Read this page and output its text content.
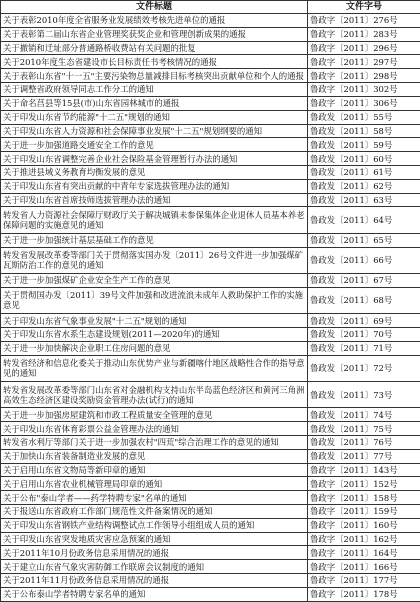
文件标题	文件字号
关于表彰2010年度全省服务业发展绩效考核先进单位的通报	鲁政字〔2011〕276号
关于表彰第二届山东省企业管理奖获奖企业和管理创新成果的通报	鲁政字〔2011〕283号
关于撤销和迁址部分普通路桥收费站有关问题的批复	鲁政字〔2011〕296号
关于2010年度生态省建设市长目标责任书考核情况的通报	鲁政字〔2011〕297号
关于表彰山东省"十一五"主要污染物总量减排目标考核突出贡献单位和个人的通报	鲁政字〔2011〕298号
关于调整省政府领导同志工作分工的通知	鲁政字〔2011〕302号
关于命名莒县等15县(市)山东省园林城市的通报	鲁政字〔2011〕306号
关于印发山东省节约能源"十二五"规划的通知	鲁政发〔2011〕55号
关于印发山东省人力资源和社会保障事业发展"十二五"规划纲要的通知	鲁政发〔2011〕58号
关于进一步加强道路交通安全工作的意见	鲁政发〔2011〕59号
关于印发山东省调整完善企业社会保险基金管理暂行办法的通知	鲁政发〔2011〕60号
关于推进县域义务教育均衡发展的意见	鲁政发〔2011〕61号
关于印发山东省有突出贡献的中青年专家选拔管理办法的通知	鲁政发〔2011〕62号
关于印发山东省首席技师选拔管理办法的通知	鲁政发〔2011〕63号
转发省人力资源社会保障厅财政厅关于解决城镇未参保集体企业退休人员基本养老保障问题的实施意见的通知	鲁政发〔2011〕64号
关于进一步加强统计基层基础工作的意见	鲁政发〔2011〕65号
转发省发展改革委等部门关于贯彻落实国办发〔2011〕26号文件进一步加强煤矿瓦斯防治工作的意见的通知	鲁政发〔2011〕66号
关于进一步加强煤矿企业安全生产工作的意见	鲁政发〔2011〕67号
关于贯彻国办发〔2011〕39号文件加强和改进流浪未成年人救助保护工作的实施意见	鲁政发〔2011〕68号
关于印发山东省气象事业发展"十二五"规划的通知	鲁政发〔2011〕69号
关于印发山东省水系生态建设规划(2011—2020年)的通知	鲁政发〔2011〕70号
关于进一步加快解决企业职工住房问题的意见	鲁政发〔2011〕71号
转发省经济和信息化委关于推动山东优势产业与新疆喀什地区战略性合作的指导意见的通知	鲁政发〔2011〕72号
转发省发展改革委等部门山东省对金融机构支持山东半岛蓝色经济区和黄河三角洲高效生态经济区建设奖励资金管理办法(试行)的通知	鲁政发〔2011〕73号
关于进一步加强房屋建筑和市政工程质量安全管理的意见	鲁政发〔2011〕74号
关于印发山东省体育彩票公益金管理办法的通知	鲁政发〔2011〕75号
转发省水利厅等部门关于进一步加强农村"四荒"综合治理工作的意见的通知	鲁政发〔2011〕76号
关于加快山东省装备制造业发展的意见	鲁政发〔2011〕77号
关于启用山东省文物局等新印章的通知	鲁政字〔2011〕143号
关于启用山东省农业机械管理局印章的通知	鲁政字〔2011〕152号
关于公布"泰山学者——药学特聘专家"名单的通知	鲁政字〔2011〕158号
关于报送山东省政府工作部门规范性文件备案情况的通知	鲁政字〔2011〕159号
关于印发山东省钢铁产业结构调整试点工作领导小组组成人员的通知	鲁政字〔2011〕160号
关于印发山东省突发地质灾害应急预案的通知	鲁政字〔2011〕162号
关于2011年10月份政务信息采用情况的通报	鲁政字〔2011〕164号
关于建立山东省气象灾害防御工作联席会议制度的通知	鲁政字〔2011〕166号
关于2011年11月份政务信息采用情况的通报	鲁政字〔2011〕177号
关于公布泰山学者特聘专家名单的通知	鲁政字〔2011〕178号
